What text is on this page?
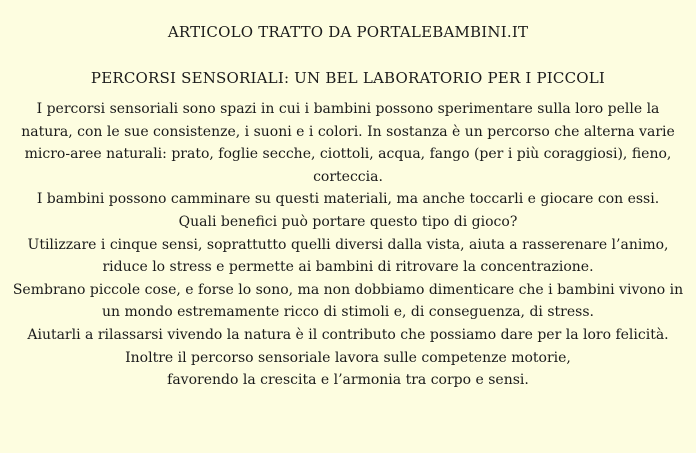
ARTICOLO TRATTO DA PORTALEBAMBINI.IT

PERCORSI SENSORIALI: UN BEL LABORATORIO PER I PICCOLI

I percorsi sensoriali sono spazi in cui i bambini possono sperimentare sulla loro pelle la
natura, con le sue consistenze, i suoni e i colori. In sostanza è un percorso che alterna varie
micro-aree naturali: prato, foglie secche, ciottoli, acqua, fango (per i più coraggiosi), fieno,
corteccia.
I bambini possono camminare su questi materiali, ma anche toccarli e giocare con essi.
Quali benefici può portare questo tipo di gioco?
Utilizzare i cinque sensi, soprattutto quelli diversi dalla vista, aiuta a rasserenare l’animo,
riduce lo stress e permette ai bambini di ritrovare la concentrazione.
Sembrano piccole cose, e forse lo sono, ma non dobbiamo dimenticare che i bambini vivono in
un mondo estremamente ricco di stimoli e, di conseguenza, di stress.
Aiutarli a rilassarsi vivendo la natura è il contributo che possiamo dare per la loro felicità.
Inoltre il percorso sensoriale lavora sulle competenze motorie,
favorendo la crescita e l’armonia tra corpo e sensi.
